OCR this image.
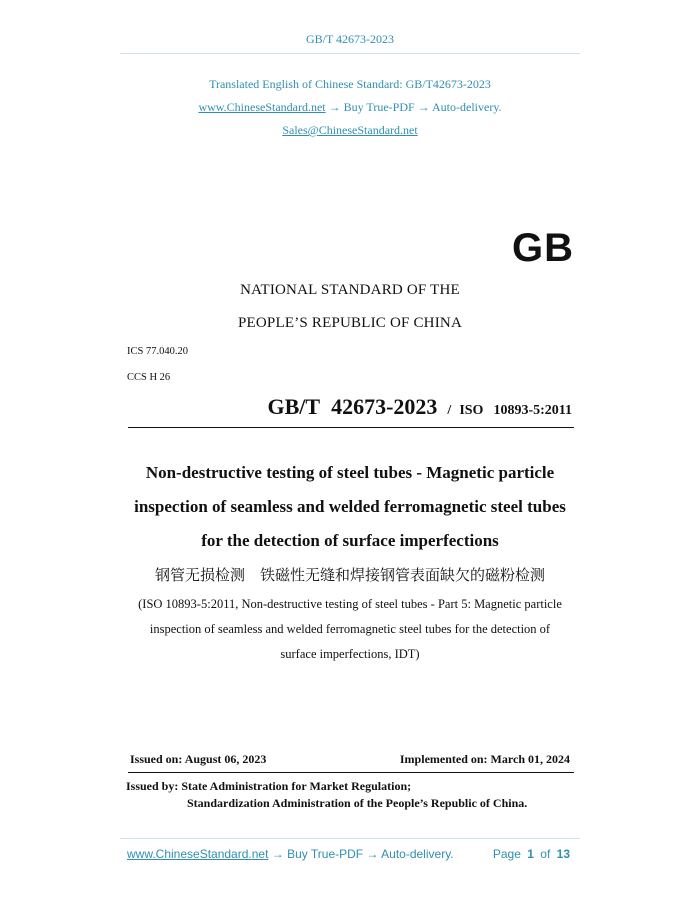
GB/T 42673-2023
Translated English of Chinese Standard: GB/T42673-2023
www.ChineseStandard.net → Buy True-PDF → Auto-delivery.
Sales@ChineseStandard.net
GB
NATIONAL STANDARD OF THE
PEOPLE’S REPUBLIC OF CHINA
ICS 77.040.20
CCS H 26
GB/T 42673-2023 / ISO 10893-5:2011
Non-destructive testing of steel tubes - Magnetic particle
inspection of seamless and welded ferromagnetic steel tubes
for the detection of surface imperfections
钢管无损检测　铁磁性无缝和焊接钢管表面缺欠的磁粉检测
(ISO 10893-5:2011, Non-destructive testing of steel tubes - Part 5: Magnetic particle
inspection of seamless and welded ferromagnetic steel tubes for the detection of
surface imperfections, IDT)
Issued on: August 06, 2023	Implemented on: March 01, 2024
Issued by: State Administration for Market Regulation;
Standardization Administration of the People’s Republic of China.
www.ChineseStandard.net → Buy True-PDF → Auto-delivery.	Page 1 of 13
